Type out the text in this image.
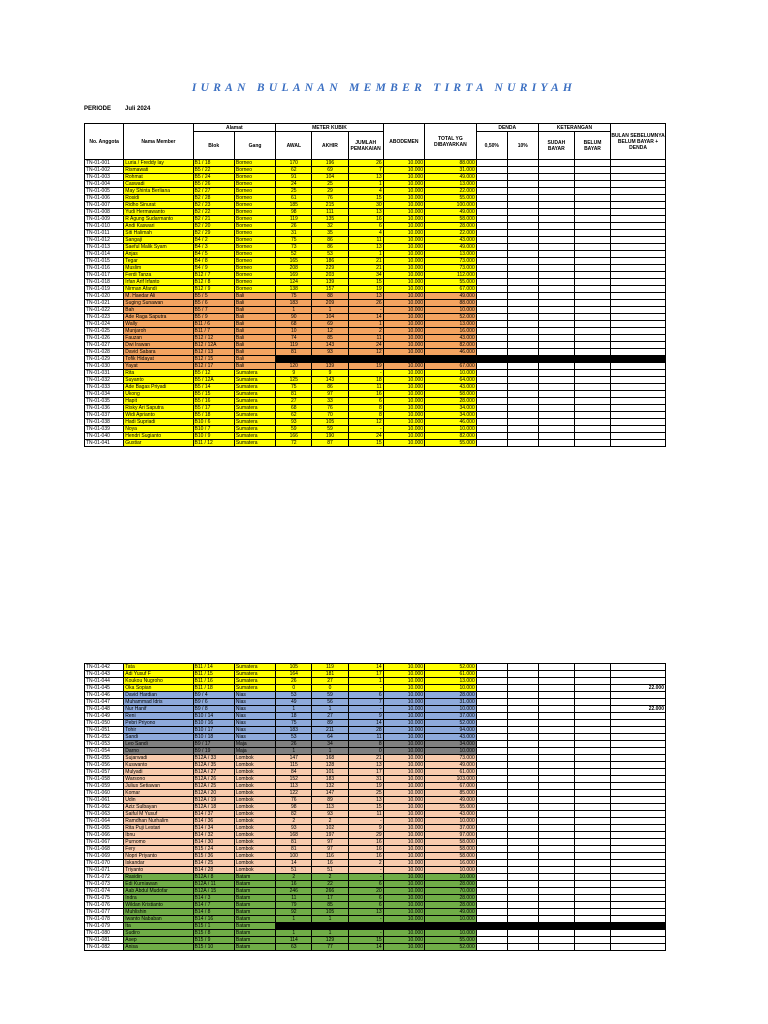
IURAN BULANAN MEMBER TIRTA NURIYAH
PERIODE Juli 2024
No. Anggota	Nama Member	Alamat		METER KUBIK			ABODEMEN	TOTAL YG DIBAYARKAN	DENDA		KETERANGAN		BULAN SEBELUMNYA BELUM BAYAR + DENDA
		Blok	Gang	AWAL	AKHIR	JUMLAH PEMAKAIAN			0,50%	10%	SUDAH BAYAR	BELUM BAYAR	

TN-01-001	Luria / Freddy lay	B1 / 18	Borneo	170	196	26	10.000	88.000					
TN-01-002	Rismawati	B5 / 22	Borneo	62	69	7	10.000	31.000					
TN-01-003	Rohmat	B5 / 24	Borneo	91	104	13	10.000	49.000					
TN-01-004	Caswadi	B5 / 26	Borneo	24	25	1	10.000	13.000					
TN-01-005	May Shinta Berliana	B2 / 27	Borneo	25	29	4	10.000	22.000					
TN-01-006	Rosidi	B2 / 28	Borneo	61	76	15	10.000	55.000					
TN-01-007	Ridho Sinurat	B2 / 23	Borneo	185	215	30	10.000	100.000					
TN-01-008	Yudi Hermawanto	B2 / 22	Borneo	98	111	13	10.000	49.000					
TN-01-009	R Agung Sudarmanto	B2 / 21	Borneo	119	135	16	10.000	58.000					
TN-01-010	Andi Kaswari	B2 / 20	Borneo	26	32	6	10.000	28.000					
TN-01-011	Siti Halimah	B2 / 29	Borneo	31	35	4	10.000	22.000					
TN-01-012	Sangaji	B4 / 2	Borneo	75	86	11	10.000	43.000					
TN-01-013	Saeful Malik Syam	B4 / 3	Borneo	73	86	13	10.000	49.000					
TN-01-014	Anjas	B4 / 5	Borneo	52	53	1	10.000	13.000					
TN-01-015	Tegar	B4 / 8	Borneo	165	186	21	10.000	73.000					
TN-01-016	Muslim	B4 / 9	Borneo	208	229	21	10.000	73.000					
TN-01-017	Ferdi Tanza	B12 / 7	Borneo	169	203	34	10.000	112.000					
TN-01-018	Irfan Arif Irfanto	B12 / 8	Borneo	124	139	15	10.000	55.000					
TN-01-019	Nirman Afandi	B12 / 9	Borneo	138	157	19	10.000	67.000					
TN-01-020	M. Haedar Ali	B5 / 5	Bali	75	88	13	10.000	49.000					
TN-01-021	Suging Sunawan	B5 / 6	Bali	183	209	26	10.000	88.000					
TN-01-022	Bah	B5 / 7	Bali	1	1	-	10.000	10.000					
TN-01-023	Ade Raga Saputra	B5 / 9	Bali	90	104	14	10.000	52.000					
TN-01-024	Wally	B11 / 6	Bali	68	69	1	10.000	13.000					
TN-01-025	Munjaroh	B11 / 7	Bali	10	12	2	10.000	16.000					
TN-01-026	Fauzan	B12 / 12	Bali	74	85	11	10.000	43.000					
TN-01-027	Dwi Irawan	B12 / 12A	Bali	119	143	24	10.000	82.000					
TN-01-028	David Sabara	B12 / 13	Bali	81	93	12	10.000	46.000					
TN-01-029	Tofik Hidayat	B12 / 15	Bali										
TN-01-030	Yayat	B12 / 17	Bali	120	139	19	10.000	67.000					
TN-01-031	Rita	B5 / 12	Sumatera	9	9	-	10.000	10.000					
TN-01-032	Suyanto	B5 / 12A	Sumatera	125	143	18	10.000	64.000					
TN-01-033	Ade Bagas Priyadi	B5 / 14	Sumatera	75	86	11	10.000	43.000					
TN-01-034	Ukong	B5 / 15	Sumatera	81	97	16	10.000	58.000					
TN-01-035	Hapit	B5 / 16	Sumatera	27	33	6	10.000	28.000					
TN-01-036	Risky Ari Saputra	B5 / 17	Sumatera	68	76	8	10.000	34.000					
TN-01-037	Widi Aprianto	B5 / 18	Sumatera	62	70	8	10.000	34.000					
TN-01-038	Hadi Supriadi	B10 / 6	Sumatera	93	105	12	10.000	46.000					
TN-01-039	Noya	B10 / 7	Sumatera	59	59	-	10.000	10.000					
TN-01-040	Hendri Sugianto	B10 / 9	Sumatera	166	190	24	10.000	82.000					
TN-01-041	Gustiar	B11 / 12	Sumatera	72	87	15	10.000	55.000					
TN-01-042	Tata	B11 / 14	Sumatera	105	119	14	10.000	52.000					
TN-01-043	Adi Yusuf F	B11 / 15	Sumatera	164	181	17	10.000	61.000					
TN-01-044	Koukou Nugroho	B11 / 16	Sumatera	26	27	1	10.000	13.000					
TN-01-045	Oka Sopian	B11 / 18	Sumatera	0	0	-	10.000	10.000					22.000
TN-01-046	David Hardian	B9 / 4	Nias	53	59	6	10.000	28.000					
TN-01-047	Muhammad Idris	B9 / 6	Nias	49	56	7	10.000	31.000					
TN-01-048	Nur Hanif	B9 / 8	Nias	1	1	-	10.000	10.000					22.000
TN-01-049	Reni	B10 / 14	Nias	18	27	9	10.000	37.000					
TN-01-050	Pebri Priyono	B10 / 16	Nias	75	89	14	10.000	52.000					
TN-01-051	Tohir	B10 / 17	Nias	183	211	28	10.000	94.000					
TN-01-052	Sandi	B10 / 18	Nias	53	64	11	10.000	43.000					
TN-01-053	Leo Sandi	B9 / 17	Maja	26	34	8	10.000	34.000					
TN-01-054	Darno	B9 / 19	Maja	1	1	0	10.000	10.000					
TN-01-055	Sujarwadi	B12A / 33	Lombok	147	168	21	10.000	73.000					
TN-01-056	Kuswanto	B12A / 35	Lombok	115	128	13	10.000	49.000					
TN-01-057	Mulyadi	B12A / 27	Lombok	84	101	17	10.000	61.000					
TN-01-058	Warsono	B12A / 26	Lombok	152	183	31	10.000	103.000					
TN-01-059	Julius Setiawan	B12A / 25	Lombok	113	132	19	10.000	67.000					
TN-01-060	Komar	B12A / 20	Lombok	122	147	25	10.000	85.000					
TN-01-061	Udin	B12A / 19	Lombok	76	89	13	10.000	49.000					
TN-01-062	Aziz Sulbayan	B12A / 18	Lombok	98	113	15	10.000	55.000					
TN-01-063	Saiful M Yusuf	B14 / 37	Lombok	82	93	11	10.000	43.000					
TN-01-064	Ramdhan Nurhalim	B14 / 36	Lombok	2	2	-	10.000	10.000					
TN-01-065	Rita Puji Lestari	B14 / 34	Lombok	93	102	9	10.000	37.000					
TN-01-066	Ibnu	B14 / 32	Lombok	168	197	29	10.000	97.000					
TN-01-067	Purnomo	B14 / 30	Lombok	81	97	16	10.000	58.000					
TN-01-068	Fery	B15 / 24	Lombok	81	97	16	10.000	58.000					
TN-01-069	Nopri Priyanto	B15 / 36	Lombok	100	116	16	10.000	58.000					
TN-01-070	Iskandar	B14 / 25	Lombok	14	16	2	10.000	16.000					
TN-01-071	Triyanto	B14 / 28	Lombok	51	51	-	10.000	10.000					
TN-01-072	Rasidin	B12A / 8	Batam	2	2	-	10.000	10.000					
TN-01-073	Edi Kurniawan	B12A / 11	Batam	16	22	6	10.000	28.000					
TN-01-074	Aab Abdul Mudofar	B12A / 15	Batam	246	266	20	10.000	70.000					
TN-01-075	Indra	B14 / 3	Batam	11	17	6	10.000	28.000					
TN-01-076	Wildan Kristianto	B14 / 7	Batam	79	85	6	10.000	28.000					
TN-01-077	Muhlishin	B14 / 8	Batam	92	105	13	10.000	49.000					
TN-01-078	Iwanto Nababan	B14 / 16	Batam	1	1	-	10.000	10.000					
TN-01-079	Ita	B15 / 1	Batam										
TN-01-080	Sudiro	B15 / 8	Batam	1	1	-	10.000	10.000					
TN-01-081	Asep	B15 / 9	Batam	114	129	15	10.000	55.000					
TN-01-082	Anisa	B15 / 10	Batam	63	77	14	10.000	52.000					
